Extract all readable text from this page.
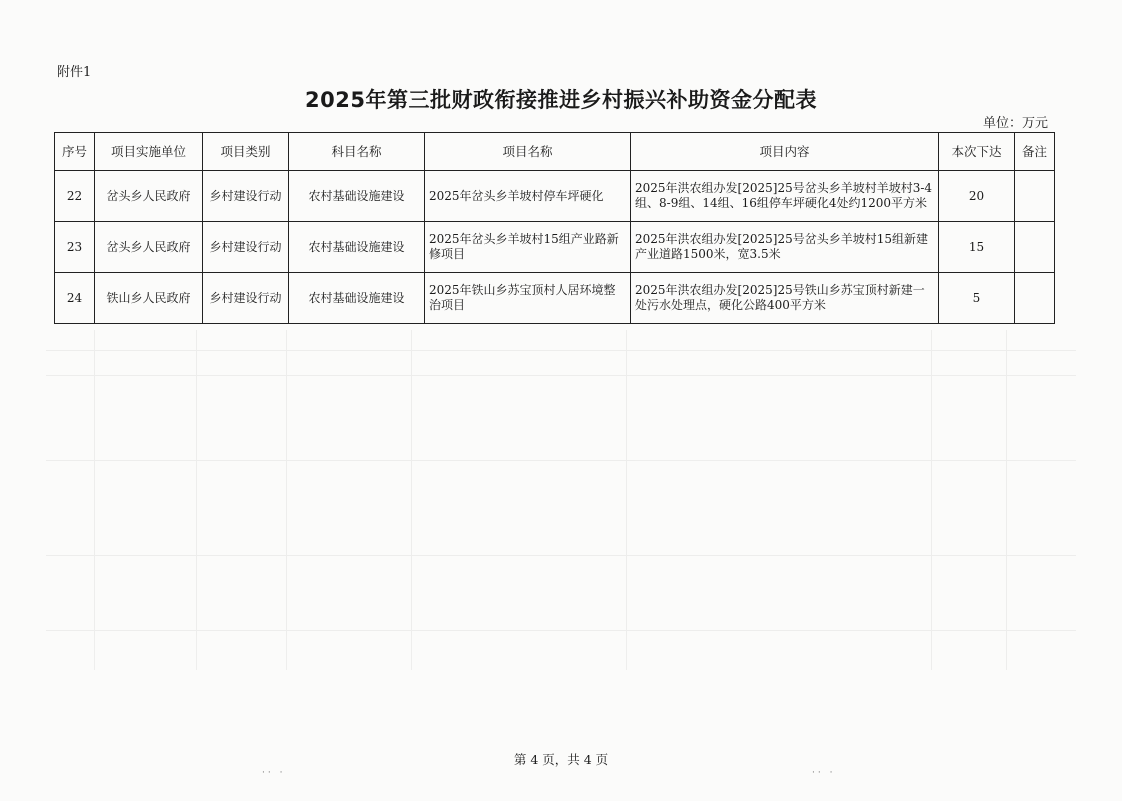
附件1
2025年第三批财政衔接推进乡村振兴补助资金分配表
单位：万元
序号	项目实施单位	项目类别	科目名称	项目名称	项目内容	本次下达	备注
22	岔头乡人民政府	乡村建设行动	农村基础设施建设	2025年岔头乡羊坡村停车坪硬化	2025年洪农组办发[2025]25号岔头乡羊坡村羊坡村3-4组、8-9组、14组、16组停车坪硬化4处约1200平方米	20	
23	岔头乡人民政府	乡村建设行动	农村基础设施建设	2025年岔头乡羊坡村15组产业路新修项目	2025年洪农组办发[2025]25号岔头乡羊坡村15组新建产业道路1500米，宽3.5米	15	
24	铁山乡人民政府	乡村建设行动	农村基础设施建设	2025年铁山乡苏宝顶村人居环境整治项目	2025年洪农组办发[2025]25号铁山乡苏宝顶村新建一处污水处理点，硬化公路400平方米	5	
第 4 页，共 4 页
·· ·	·· ·
